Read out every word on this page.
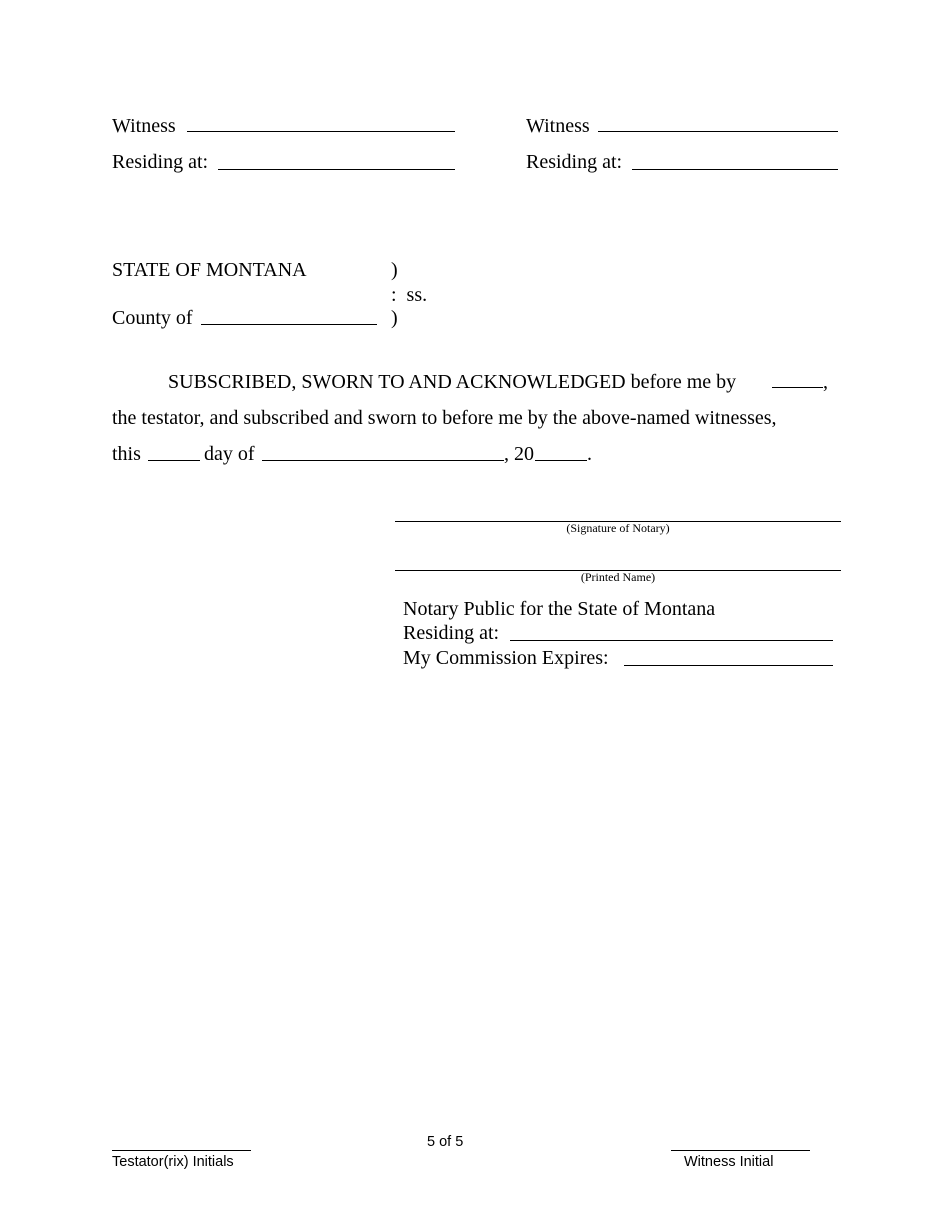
Witness
Residing at:
Witness
Residing at:
STATE OF MONTANA	)
:  ss.
County of	)
SUBSCRIBED, SWORN TO AND ACKNOWLEDGED before me by	,
the testator, and subscribed and sworn to before me by the above-named witnesses,
this	day of	, 20	.
(Signature of Notary)
(Printed Name)
Notary Public for the State of Montana
Residing at:
My Commission Expires:
Testator(rix) Initials
5 of 5
Witness Initial
